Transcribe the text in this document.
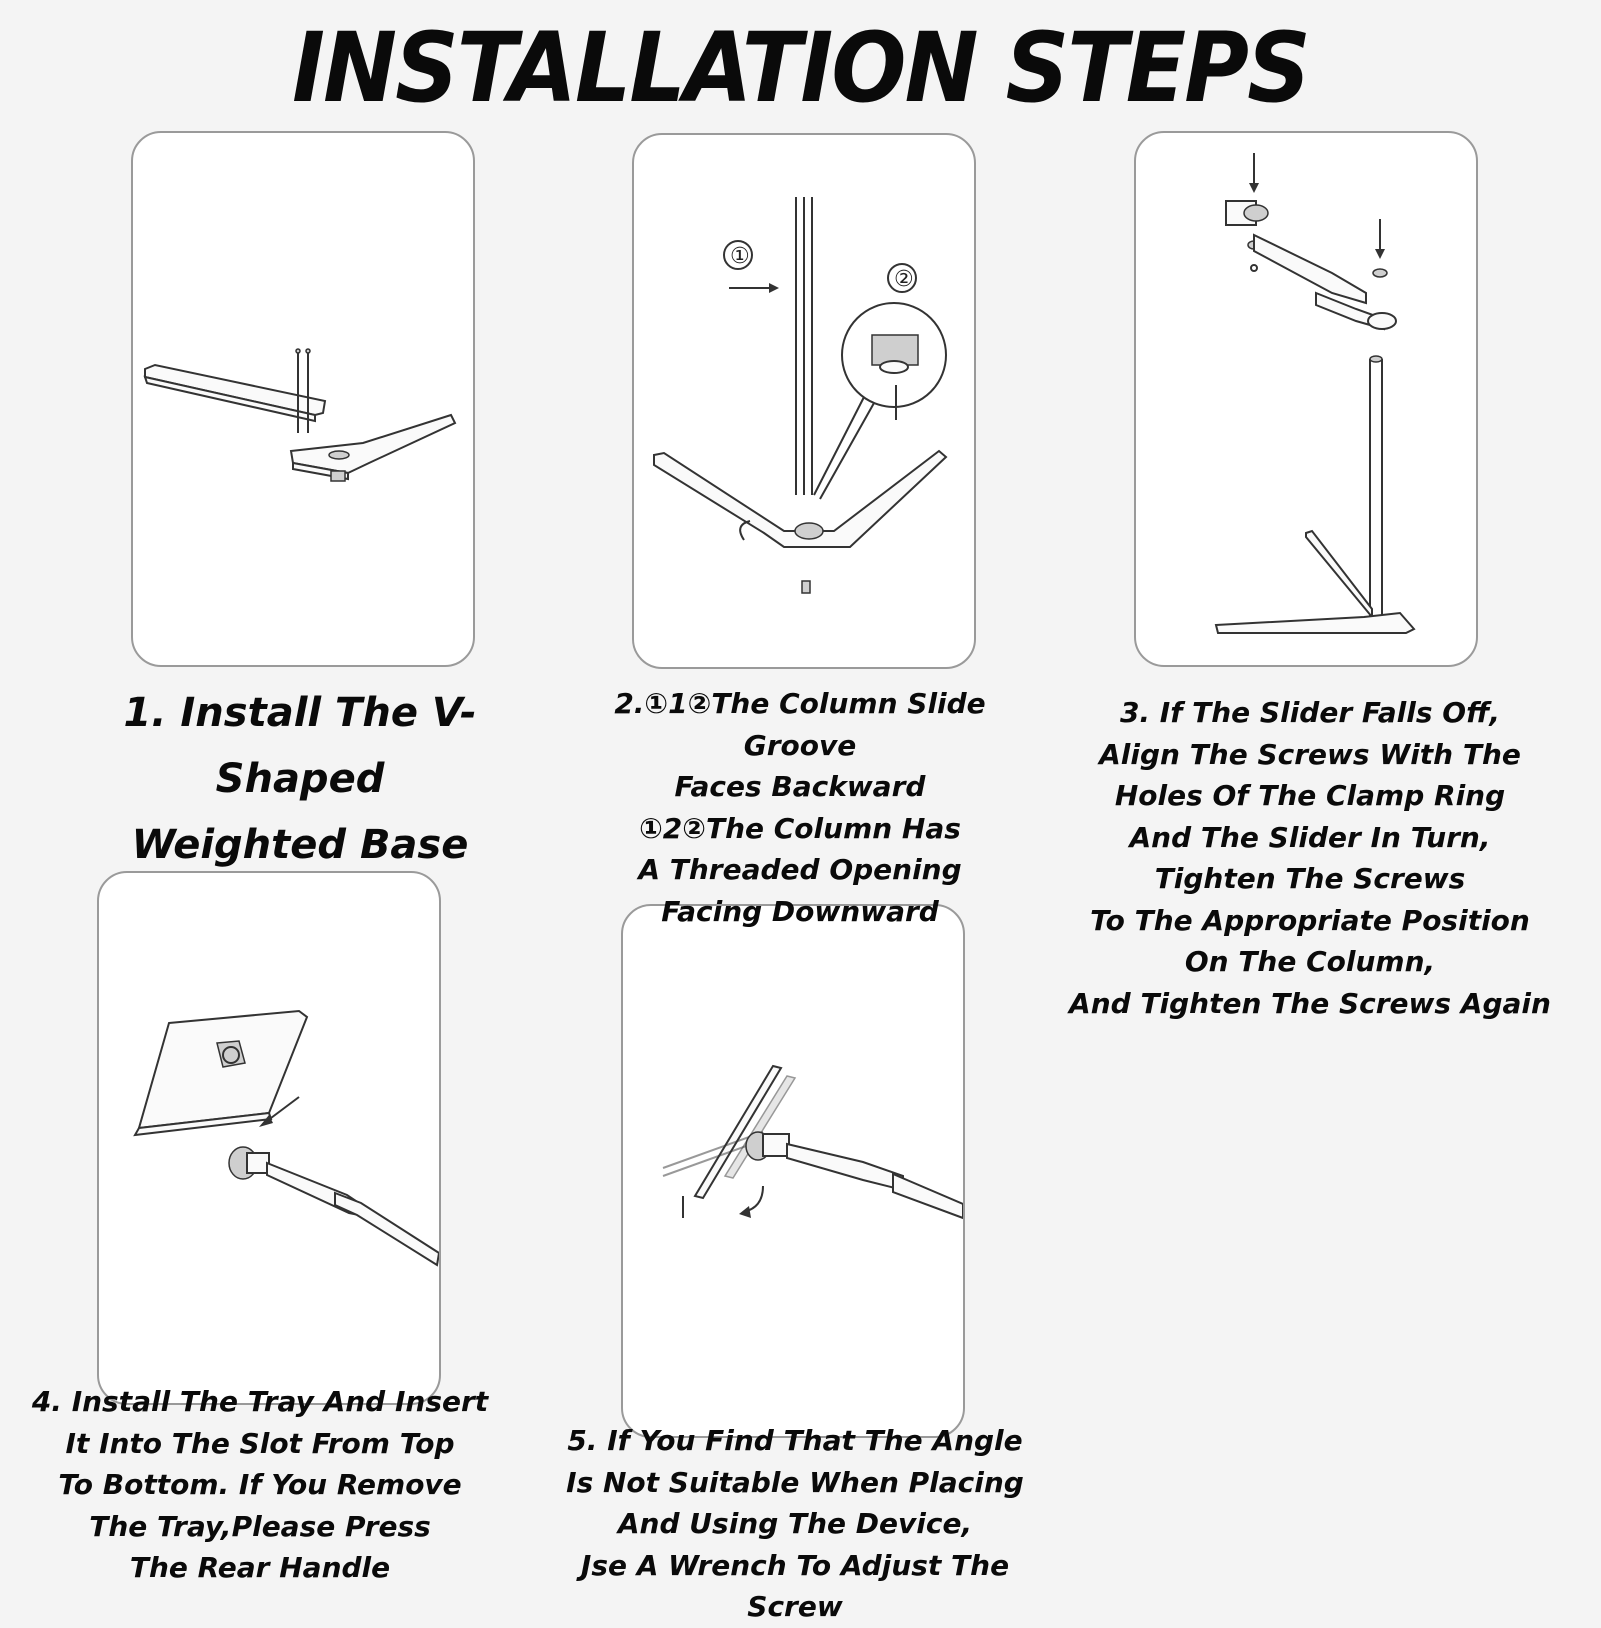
INSTALLATION STEPS
①
②
1. Install The V-Shaped
Weighted Base
2.①1②The Column Slide Groove
Faces Backward
①2②The Column Has
A Threaded Opening
Facing Downward
3. If The Slider Falls Off,
Align The Screws With The
Holes Of The Clamp Ring
And The Slider In Turn,
Tighten The Screws
To The Appropriate Position
On The Column,
And Tighten The Screws Again
4. Install The Tray And Insert
It Into The Slot From Top
To Bottom. If You Remove
The Tray,Please Press
The Rear Handle
5. If You Find That The Angle
Is Not Suitable When Placing
And Using The Device,
Jse A Wrench To Adjust The Screw
